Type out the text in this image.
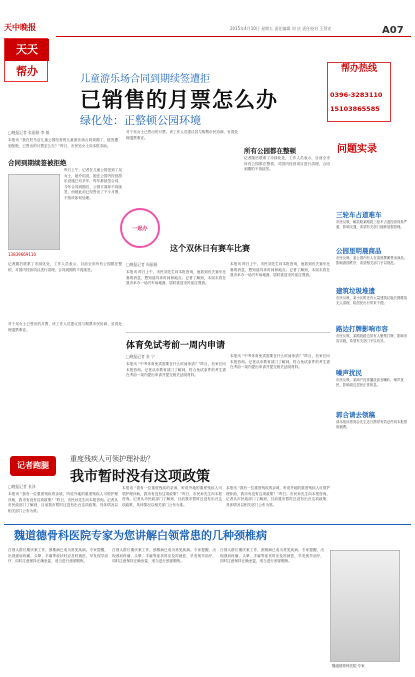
天中晚报	2015年4月10日 星期五 责任编辑 刘 庆 责任校对 王蔡宏	A07
天天
帮办
儿童游乐场合同到期续签遭拒
已销售的月票怎么办
绿化处：正整顿公园环境
帮办热线
0396-3283110
15103865585
问题实录
□晚报记者 张丽娟 李 敏
本报讯 “我在驻马店儿童公园经营的儿童游乐场合同到期了，续签遭到拒绝，已售出的月票怎么办？”昨日，市民吴女士向本报求助。
合同到期续签被拒绝
13839669110
昨日上午，记者在儿童公园见到了吴女士，她介绍说，她在公园内经营游乐设施已有多年，每年都续签合同，今年合同到期后，公园方面却不再续签，而她此前已经售出了不少月票，不知该如何处理。
记者随后联系了市绿化处，工作人员表示，目前全市所有公园都在整顿，对园内经营项目进行清理，合同到期的不再续签。
对于吴女士已售出的月票，该工作人员建议其与购票市民协商，妥善处理退票事宜。
所有公园都在整顿
记者随后联系了市绿化处，工作人员表示，目前全市所有公园都在整顿，对园内经营项目进行清理，合同到期的不再续签。
一起办
这个双休日有赛车比赛
□晚报记者 周丽娟
本报讯 昨日上午，市民刘先生向本报咨询，他看到有关赛车比赛的消息，想知道具体时间和地点。记者了解到，本周末将在我市举办一场汽车场地赛，届时欢迎市民前往观看。
本报讯 昨日上午，市民刘先生向本报咨询，他看到有关赛车比赛的消息，想知道具体时间和地点。记者了解到，本周末将在我市举办一场汽车场地赛，届时欢迎市民前往观看。
体育免试考前一周内申请
□晚报记者 张 宁
本报讯 “中考体育免试需要在什么时间申请？”昨日，有家长向本报咨询。记者从市教育部门了解到，符合免试条件的考生需在考前一周内提出申请并提交相关证明材料。
本报讯 “中考体育免试需要在什么时间申请？”昨日，有家长向本报咨询。记者从市教育部门了解到，符合免试条件的考生需在考前一周内提出申请并提交相关证明材料。
对于吴女士已售出的月票，该工作人员建议其与购票市民协商，妥善处理退票事宜。
三轮车占道难车
市民反映，解放路某路段三轮车占道经营现象严重，影响交通，希望有关部门能够加强管理。
公园里明晨商品
市民反映，某公园内有人在清晨摆摊售卖商品，影响游园秩序，希望相关部门予以规范。
建筑垃圾堆遗
市民反映，某小区附近有大量建筑垃圾长期堆放无人清理，给居民出行带来不便。
路边打牌影响市容
市民反映，某路段路边常有人聚集打牌，影响市容市貌，希望有关部门予以劝导。
噪声扰民
市民反映，某商户经常播放高音喇叭，噪声扰民，影响周边居民正常休息。
郭合请去领稿
请本报读者郭合先生近日携带有效证件到本报领取稿费。
记者跑腿
重度残疾人可领护理补助？
我市暂时没有这项政策
□晚报记者 张泽
本报讯 “我有一位重度残疾的亲戚，听说外地的重度残疾人可领护理补助，我市有没有这项政策？”昨日，市民孙先生向本报咨询。记者从市民政部门了解到，目前我市暂时还没有出台这项政策，具体情况以相关部门公布为准。
本报讯 “我有一位重度残疾的亲戚，听说外地的重度残疾人可领护理补助，我市有没有这项政策？”昨日，市民孙先生向本报咨询。记者从市民政部门了解到，目前我市暂时还没有出台这项政策，具体情况以相关部门公布为准。
本报讯 “我有一位重度残疾的亲戚，听说外地的重度残疾人可领护理补助，我市有没有这项政策？”昨日，市民孙先生向本报咨询。记者从市民政部门了解到，目前我市暂时还没有出台这项政策，具体情况以相关部门公布为准。
魏道德骨科医院专家为您讲解白领常患的几种颈椎病
白领人群长期伏案工作，颈椎病已成为常见疾病。专家提醒，出现颈肩疼痛、头晕、手麻等症状时应及时就医，早发现早治疗，同时注意保持正确坐姿，适当进行颈部锻炼。
白领人群长期伏案工作，颈椎病已成为常见疾病。专家提醒，出现颈肩疼痛、头晕、手麻等症状时应及时就医，早发现早治疗，同时注意保持正确坐姿，适当进行颈部锻炼。
白领人群长期伏案工作，颈椎病已成为常见疾病。专家提醒，出现颈肩疼痛、头晕、手麻等症状时应及时就医，早发现早治疗，同时注意保持正确坐姿，适当进行颈部锻炼。
魏道德骨科医院 专家
